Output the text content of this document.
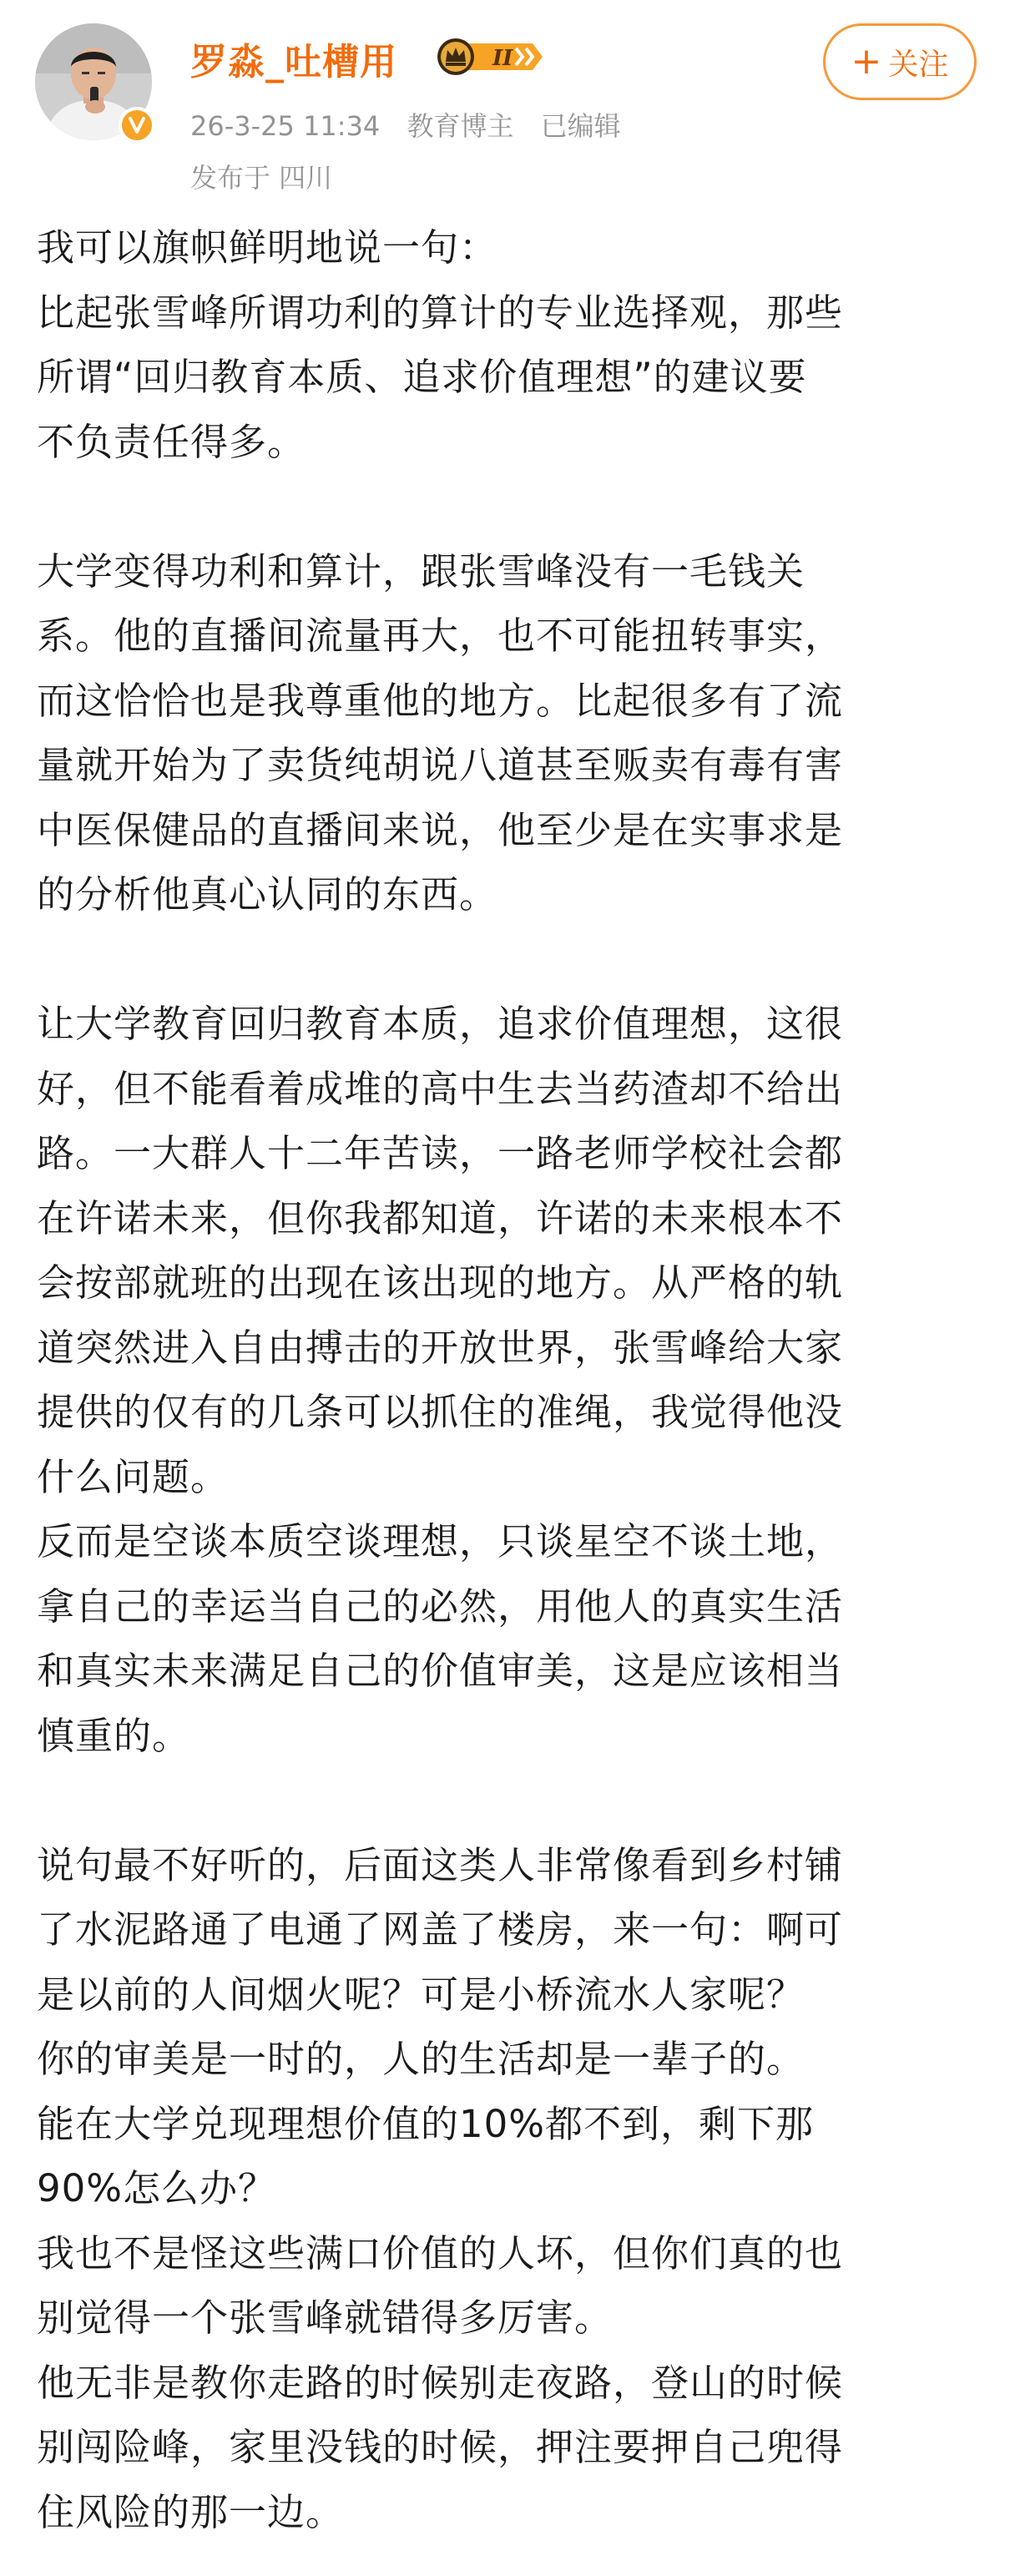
罗淼_吐槽用	II
26-3-25 11:34 教育博主 已编辑
发布于 四川
+ 关注
我可以旗帜鲜明地说一句：
比起张雪峰所谓功利的算计的专业选择观，那些
所谓“回归教育本质、追求价值理想”的建议要
不负责任得多。
大学变得功利和算计，跟张雪峰没有一毛钱关
系。他的直播间流量再大，也不可能扭转事实，
而这恰恰也是我尊重他的地方。比起很多有了流
量就开始为了卖货纯胡说八道甚至贩卖有毒有害
中医保健品的直播间来说，他至少是在实事求是
的分析他真心认同的东西。
让大学教育回归教育本质，追求价值理想，这很
好，但不能看着成堆的高中生去当药渣却不给出
路。一大群人十二年苦读，一路老师学校社会都
在许诺未来，但你我都知道，许诺的未来根本不
会按部就班的出现在该出现的地方。从严格的轨
道突然进入自由搏击的开放世界，张雪峰给大家
提供的仅有的几条可以抓住的准绳，我觉得他没
什么问题。
反而是空谈本质空谈理想，只谈星空不谈土地，
拿自己的幸运当自己的必然，用他人的真实生活
和真实未来满足自己的价值审美，这是应该相当
慎重的。
说句最不好听的，后面这类人非常像看到乡村铺
了水泥路通了电通了网盖了楼房，来一句：啊可
是以前的人间烟火呢？可是小桥流水人家呢？
你的审美是一时的，人的生活却是一辈子的。
能在大学兑现理想价值的10%都不到，剩下那
90%怎么办？
我也不是怪这些满口价值的人坏，但你们真的也
别觉得一个张雪峰就错得多厉害。
他无非是教你走路的时候别走夜路，登山的时候
别闯险峰，家里没钱的时候，押注要押自己兜得
住风险的那一边。
